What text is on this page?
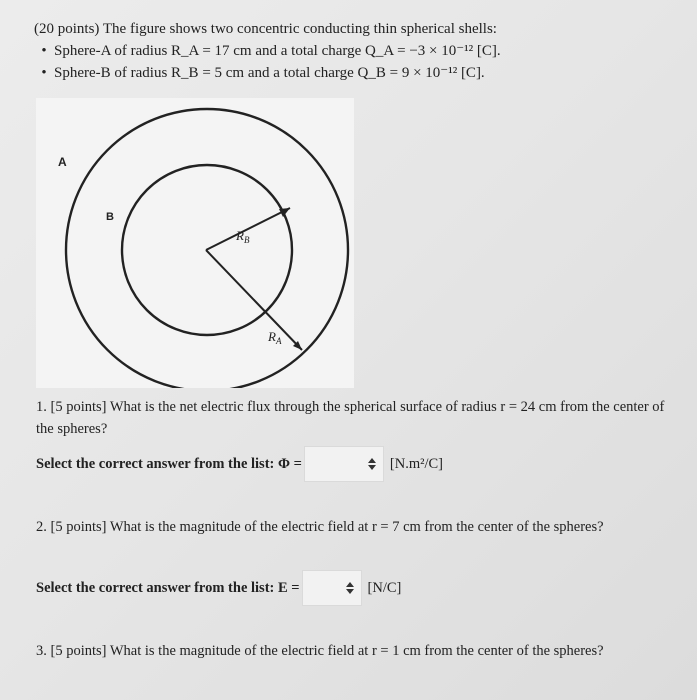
(20 points) The figure shows two concentric conducting thin spherical shells:
• Sphere-A of radius R_A = 17 cm and a total charge Q_A = −3 × 10⁻¹² [C].
• Sphere-B of radius R_B = 5 cm and a total charge Q_B = 9 × 10⁻¹² [C].
A
B
$R_B$
$R_A$
1. [5 points] What is the net electric flux through the spherical surface of radius r = 24 cm from the center of the spheres?
Select the correct answer from the list: Φ =	[N.m²/C]
2. [5 points] What is the magnitude of the electric field at r = 7 cm from the center of the spheres?
Select the correct answer from the list: E =	[N/C]
3. [5 points] What is the magnitude of the electric field at r = 1 cm from the center of the spheres?
